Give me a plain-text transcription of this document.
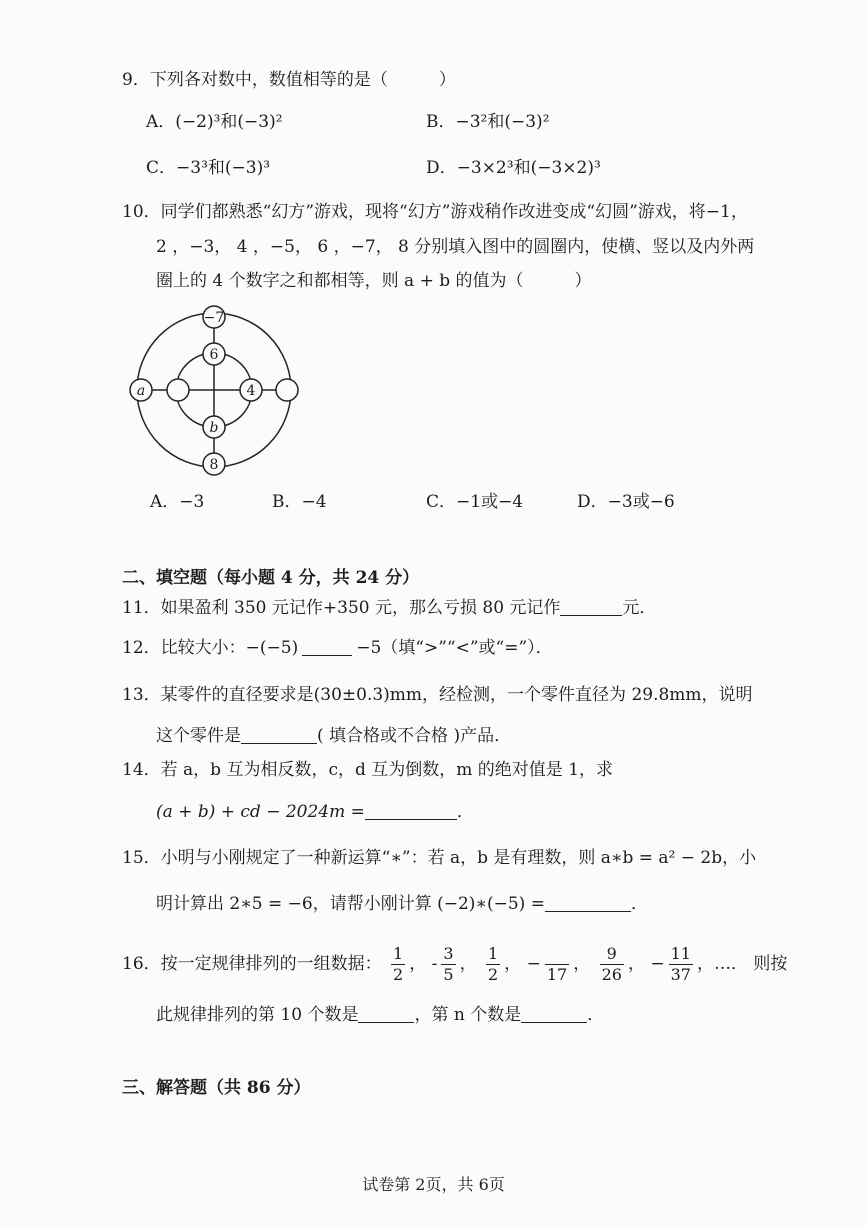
9．下列各对数中，数值相等的是（　　　）
A．(−2)³和(−3)²	B．−3²和(−3)²
C．−3³和(−3)³	D．−3×2³和(−3×2)³
10．同学们都熟悉“幻方”游戏，现将“幻方”游戏稍作改进变成“幻圆”游戏，将−1，
2 ，−3， 4 ，−5， 6 ，−7， 8 分别填入图中的圆圈内，使横、竖以及内外两
圈上的 4 个数字之和都相等，则 a + b 的值为（　　　）
−7
6
a	4
b
8
A．−3	B．−4	C．−1或−4	D．−3或−6
二、填空题（每小题 4 分，共 24 分）
11．如果盈利 350 元记作+350 元，那么亏损 80 元记作	元．
12．比较大小：−(−5)	−5（填“>”“<”或“=”）．
13．某零件的直径要求是(30±0.3)mm，经检测，一个零件直径为 29.8mm，说明
这个零件是	( 填合格或不合格 )产品．
14．若 a，b 互为相反数，c，d 互为倒数，m 的绝对值是 1，求
(a + b) + cd − 2024m =	．
15．小明与小刚规定了一种新运算“∗”：若 a，b 是有理数，则 a∗b = a² − 2b，小
明计算出 2∗5 = −6，请帮小刚计算 (−2)∗(−5) =	．
16．按一定规律排列的一组数据： $\frac{1}{2}$ ， - $\frac{3}{5}$ ， $\frac{1}{2}$ ， −
17
， $\frac{9}{26}$ ， − $\frac{11}{37}$ ，…． 则按
此规律排列的第 10 个数是	，第 n 个数是	．
三、解答题（共 86 分）
试卷第 2页，共 6页
